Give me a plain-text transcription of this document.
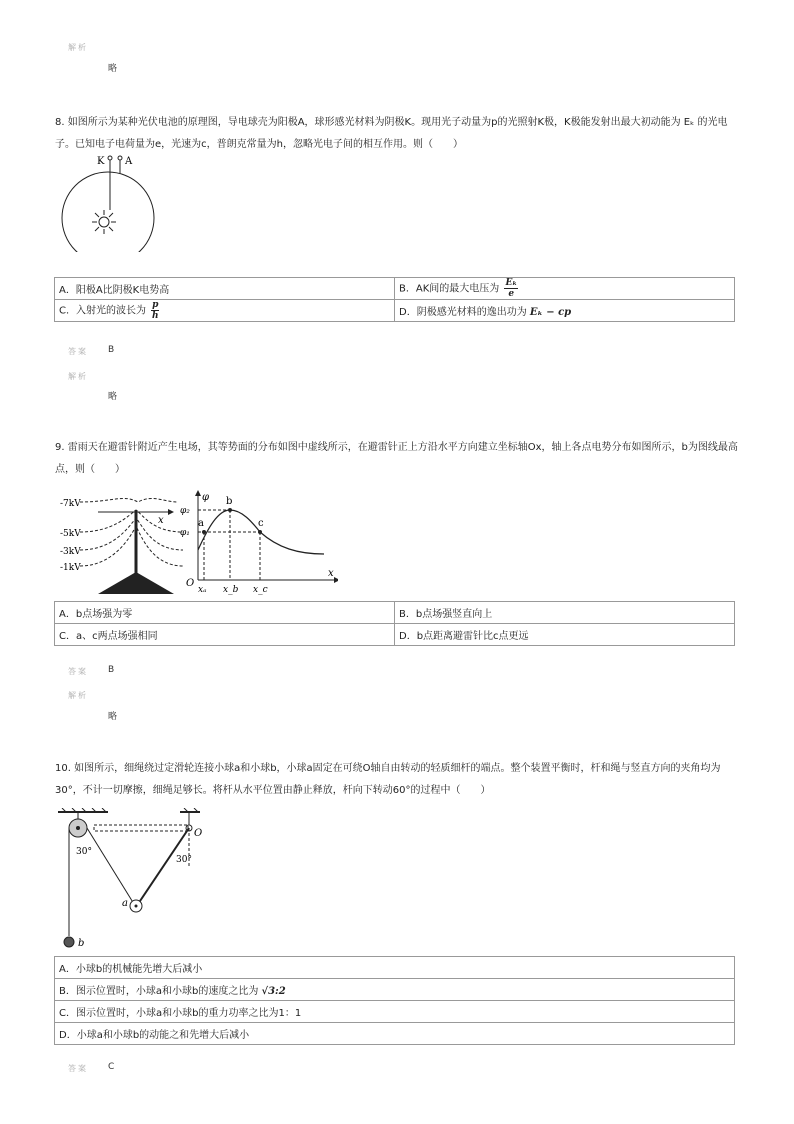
解析
略
8. 如图所示为某种光伏电池的原理图，导电球壳为阳极A，球形感光材料为阴极K。现用光子动量为p的光照射K极，K极能发射出最大初动能为 Eₖ 的光电子。已知电子电荷量为e，光速为c，普朗克常量为h，忽略光电子间的相互作用。则（　　）
K A
A．阳极A比阴极K电势高	B．AK间的最大电压为 $\frac{\text{Eₖ}}{e}$

C．入射光的波长为 $\frac{p}{h}$	D．阴极感光材料的逸出功为 Eₖ − cp
答案 B
解析
略
9. 雷雨天在避雷针附近产生电场，其等势面的分布如图中虚线所示，在避雷针正上方沿水平方向建立坐标轴Ox，轴上各点电势分布如图所示，b为图线最高点，则（　　）
x
-7kV
-5kV
-3kV
-1kV
φ
x
O
φ₂
φ₁
a
b
c
xₐ x_b x_c
A．b点场强为零	B．b点场强竖直向上
C．a、c两点场强相同	D．b点距离避雷针比c点更远
答案 B
解析
略
10. 如图所示，细绳绕过定滑轮连接小球a和小球b，小球a固定在可绕O轴自由转动的轻质细杆的端点。整个装置平衡时，杆和绳与竖直方向的夹角均为30°，不计一切摩擦，细绳足够长。将杆从水平位置由静止释放，杆向下转动60°的过程中（　　）
30°
30°
O
a
b
A．小球b的机械能先增大后减小
B．图示位置时，小球a和小球b的速度之比为 √3:2
C．图示位置时，小球a和小球b的重力功率之比为1：1
D．小球a和小球b的动能之和先增大后减小
答案 C
